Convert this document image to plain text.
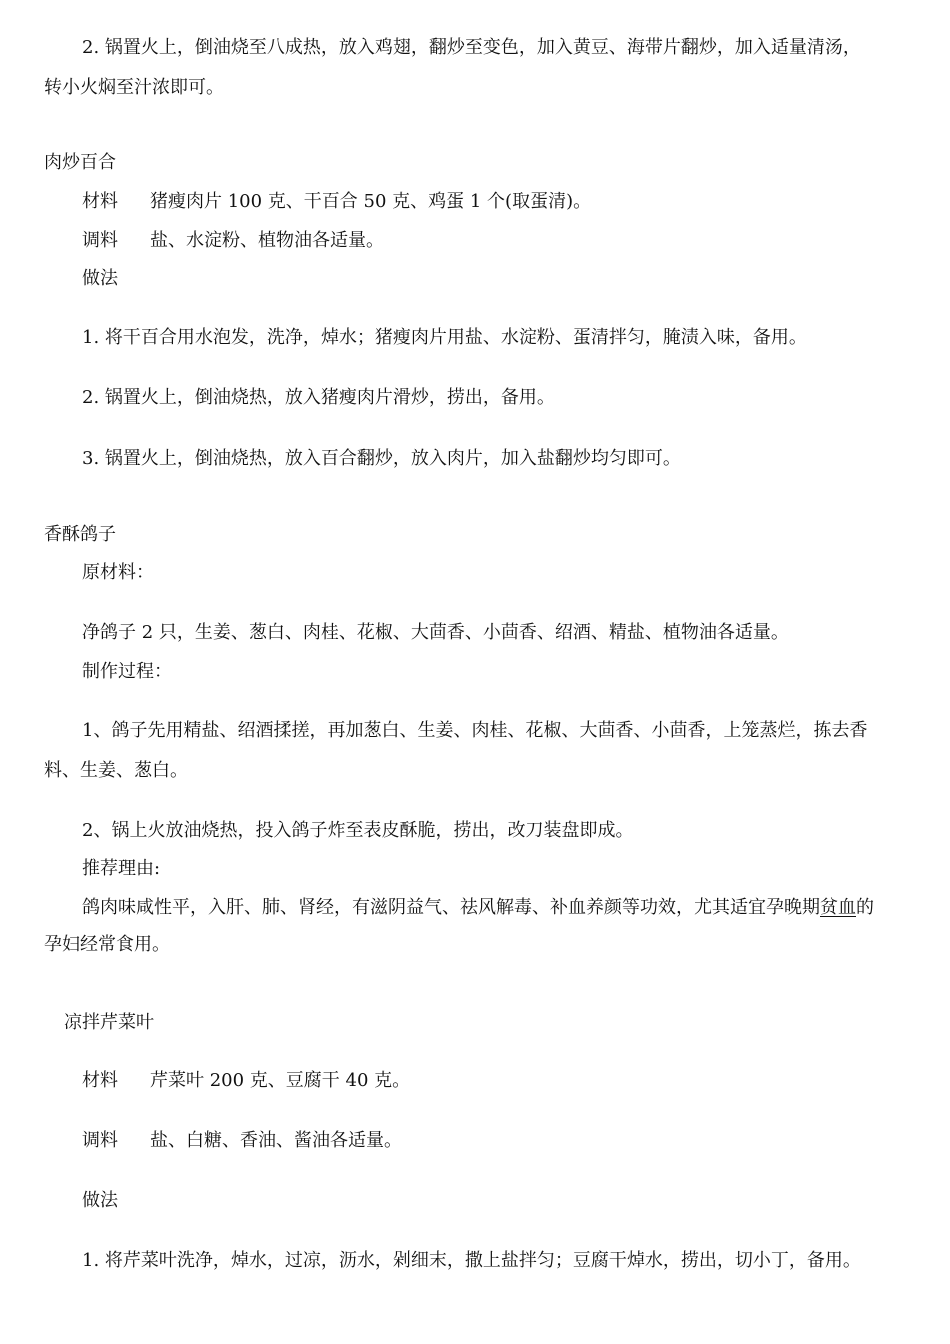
2. 锅置火上，倒油烧至八成热，放入鸡翅，翻炒至变色，加入黄豆、海带片翻炒，加入适量清汤，
转小火焖至汁浓即可。
肉炒百合
材料 猪瘦肉片 100 克、干百合 50 克、鸡蛋 1 个(取蛋清)。
调料 盐、水淀粉、植物油各适量。
做法
1. 将干百合用水泡发，洗净，焯水；猪瘦肉片用盐、水淀粉、蛋清拌匀，腌渍入味，备用。
2. 锅置火上，倒油烧热，放入猪瘦肉片滑炒，捞出，备用。
3. 锅置火上，倒油烧热，放入百合翻炒，放入肉片，加入盐翻炒均匀即可。
香酥鸽子
原材料：
净鸽子 2 只，生姜、葱白、肉桂、花椒、大茴香、小茴香、绍酒、精盐、植物油各适量。
制作过程：
1、鸽子先用精盐、绍酒揉搓，再加葱白、生姜、肉桂、花椒、大茴香、小茴香，上笼蒸烂，拣去香
料、生姜、葱白。
2、锅上火放油烧热，投入鸽子炸至表皮酥脆，捞出，改刀装盘即成。
推荐理由:
鸽肉味咸性平，入肝、肺、肾经，有滋阴益气、祛风解毒、补血养颜等功效，尤其适宜孕晚期贫血的
孕妇经常食用。
凉拌芹菜叶
材料 芹菜叶 200 克、豆腐干 40 克。
调料 盐、白糖、香油、酱油各适量。
做法
1. 将芹菜叶洗净，焯水，过凉，沥水，剁细末，撒上盐拌匀；豆腐干焯水，捞出，切小丁，备用。
